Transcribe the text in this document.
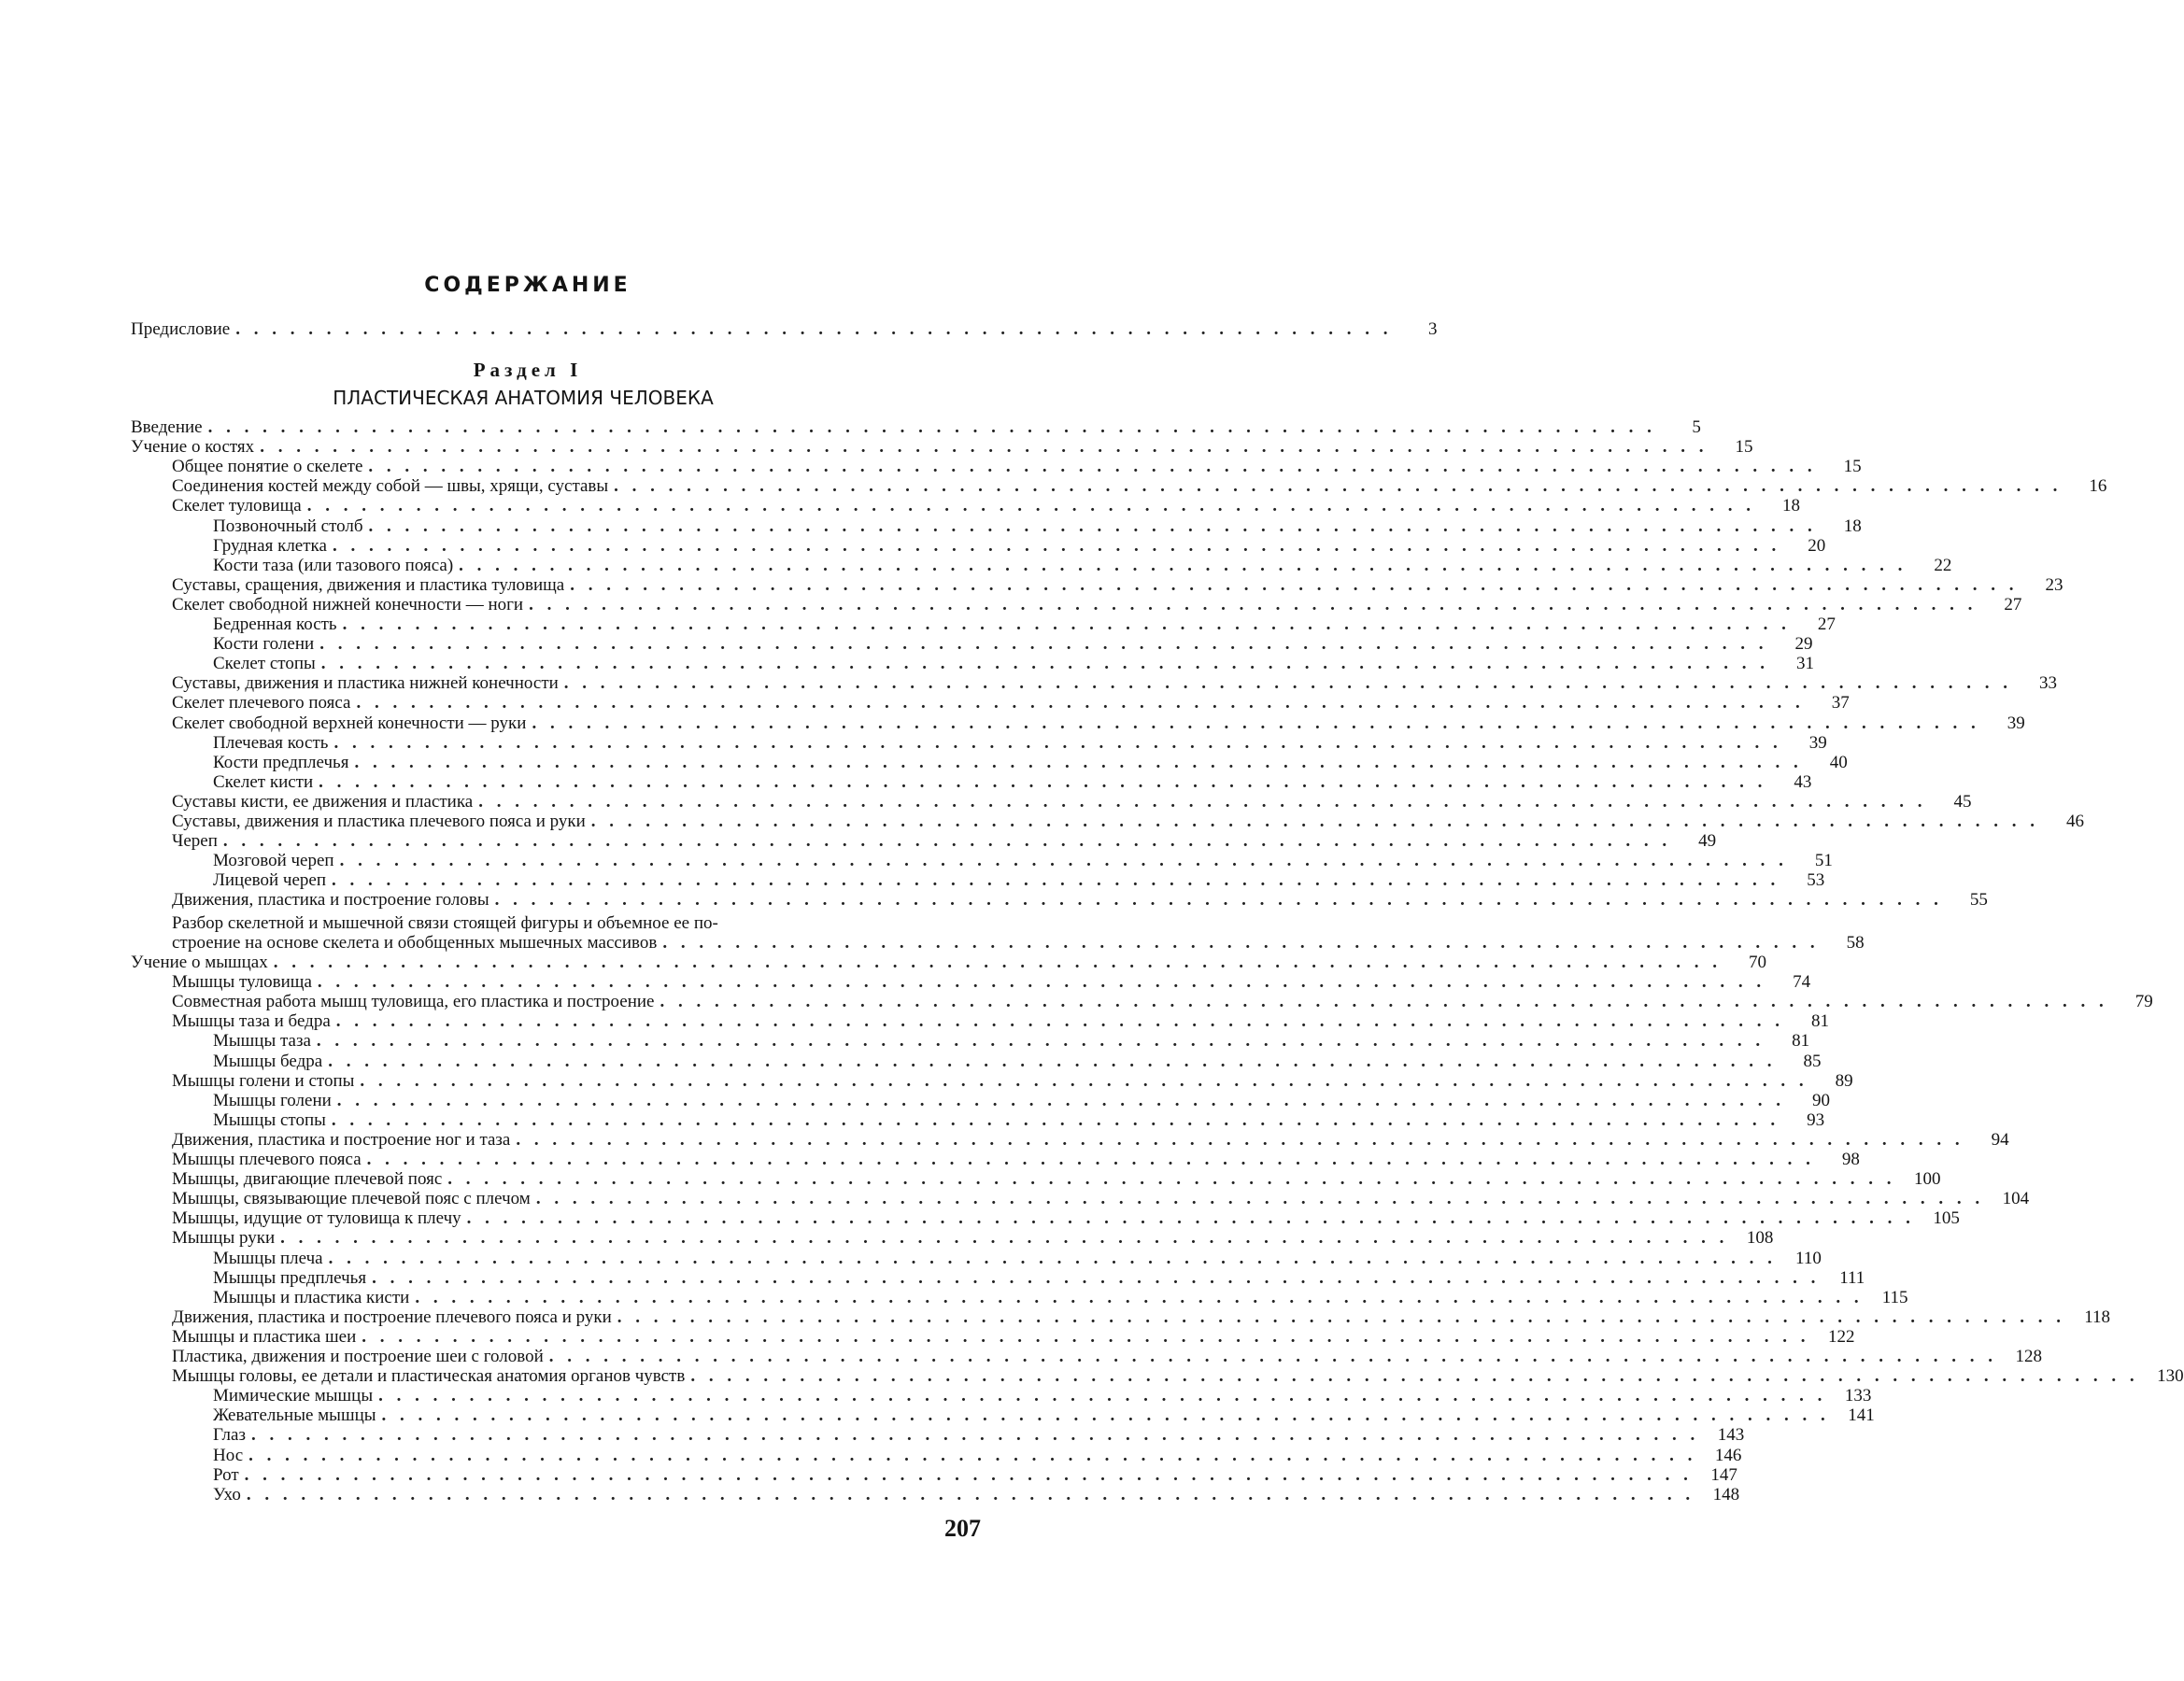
СОДЕРЖАНИЕ
Предисловие . . . . . . . . . . . . . . . . . . . . . . . . . . . . . . . . . . . . . . . . . . . . . . . . . . . . . . . . . . . . . . . .	3
Раздел I
ПЛАСТИЧЕСКАЯ АНАТОМИЯ ЧЕЛОВЕКА
Введение . . . . . . . . . . . . . . . . . . . . . . . . . . . . . . . . . . . . . . . . . . . . . . . . . . . . . . . . . . . . . . . . . . . . . . . . . . . . . . . .	5
Учение о костях . . . . . . . . . . . . . . . . . . . . . . . . . . . . . . . . . . . . . . . . . . . . . . . . . . . . . . . . . . . . . . . . . . . . . . . . . . . . . . . .	15
Общее понятие о скелете . . . . . . . . . . . . . . . . . . . . . . . . . . . . . . . . . . . . . . . . . . . . . . . . . . . . . . . . . . . . . . . . . . . . . . . . . . . . . . . .	15
Соединения костей между собой — швы, хрящи, суставы . . . . . . . . . . . . . . . . . . . . . . . . . . . . . . . . . . . . . . . . . . . . . . . . . . . . . . . . . . . . . . . . . . . . . . . . . . . . . . . .	16
Скелет туловища . . . . . . . . . . . . . . . . . . . . . . . . . . . . . . . . . . . . . . . . . . . . . . . . . . . . . . . . . . . . . . . . . . . . . . . . . . . . . . . .	18
Позвоночный столб . . . . . . . . . . . . . . . . . . . . . . . . . . . . . . . . . . . . . . . . . . . . . . . . . . . . . . . . . . . . . . . . . . . . . . . . . . . . . . . .	18
Грудная клетка . . . . . . . . . . . . . . . . . . . . . . . . . . . . . . . . . . . . . . . . . . . . . . . . . . . . . . . . . . . . . . . . . . . . . . . . . . . . . . . .	20
Кости таза (или тазового пояса) . . . . . . . . . . . . . . . . . . . . . . . . . . . . . . . . . . . . . . . . . . . . . . . . . . . . . . . . . . . . . . . . . . . . . . . . . . . . . . . .	22
Суставы, сращения, движения и пластика туловища . . . . . . . . . . . . . . . . . . . . . . . . . . . . . . . . . . . . . . . . . . . . . . . . . . . . . . . . . . . . . . . . . . . . . . . . . . . . . . . .	23
Скелет свободной нижней конечности — ноги . . . . . . . . . . . . . . . . . . . . . . . . . . . . . . . . . . . . . . . . . . . . . . . . . . . . . . . . . . . . . . . . . . . . . . . . . . . . . . . .	27
Бедренная кость . . . . . . . . . . . . . . . . . . . . . . . . . . . . . . . . . . . . . . . . . . . . . . . . . . . . . . . . . . . . . . . . . . . . . . . . . . . . . . . .	27
Кости голени . . . . . . . . . . . . . . . . . . . . . . . . . . . . . . . . . . . . . . . . . . . . . . . . . . . . . . . . . . . . . . . . . . . . . . . . . . . . . . . .	29
Скелет стопы . . . . . . . . . . . . . . . . . . . . . . . . . . . . . . . . . . . . . . . . . . . . . . . . . . . . . . . . . . . . . . . . . . . . . . . . . . . . . . . .	31
Суставы, движения и пластика нижней конечности . . . . . . . . . . . . . . . . . . . . . . . . . . . . . . . . . . . . . . . . . . . . . . . . . . . . . . . . . . . . . . . . . . . . . . . . . . . . . . . .	33
Скелет плечевого пояса . . . . . . . . . . . . . . . . . . . . . . . . . . . . . . . . . . . . . . . . . . . . . . . . . . . . . . . . . . . . . . . . . . . . . . . . . . . . . . . .	37
Скелет свободной верхней конечности — руки . . . . . . . . . . . . . . . . . . . . . . . . . . . . . . . . . . . . . . . . . . . . . . . . . . . . . . . . . . . . . . . . . . . . . . . . . . . . . . . .	39
Плечевая кость . . . . . . . . . . . . . . . . . . . . . . . . . . . . . . . . . . . . . . . . . . . . . . . . . . . . . . . . . . . . . . . . . . . . . . . . . . . . . . . .	39
Кости предплечья . . . . . . . . . . . . . . . . . . . . . . . . . . . . . . . . . . . . . . . . . . . . . . . . . . . . . . . . . . . . . . . . . . . . . . . . . . . . . . . .	40
Скелет кисти . . . . . . . . . . . . . . . . . . . . . . . . . . . . . . . . . . . . . . . . . . . . . . . . . . . . . . . . . . . . . . . . . . . . . . . . . . . . . . . .	43
Суставы кисти, ее движения и пластика . . . . . . . . . . . . . . . . . . . . . . . . . . . . . . . . . . . . . . . . . . . . . . . . . . . . . . . . . . . . . . . . . . . . . . . . . . . . . . . .	45
Суставы, движения и пластика плечевого пояса и руки . . . . . . . . . . . . . . . . . . . . . . . . . . . . . . . . . . . . . . . . . . . . . . . . . . . . . . . . . . . . . . . . . . . . . . . . . . . . . . . .	46
Череп . . . . . . . . . . . . . . . . . . . . . . . . . . . . . . . . . . . . . . . . . . . . . . . . . . . . . . . . . . . . . . . . . . . . . . . . . . . . . . . .	49
Мозговой череп . . . . . . . . . . . . . . . . . . . . . . . . . . . . . . . . . . . . . . . . . . . . . . . . . . . . . . . . . . . . . . . . . . . . . . . . . . . . . . . .	51
Лицевой череп . . . . . . . . . . . . . . . . . . . . . . . . . . . . . . . . . . . . . . . . . . . . . . . . . . . . . . . . . . . . . . . . . . . . . . . . . . . . . . . .	53
Движения, пластика и построение головы . . . . . . . . . . . . . . . . . . . . . . . . . . . . . . . . . . . . . . . . . . . . . . . . . . . . . . . . . . . . . . . . . . . . . . . . . . . . . . . .	55
Разбор скелетной и мышечной связи стоящей фигуры и объемное ее по-
строение на основе скелета и обобщенных мышечных массивов . . . . . . . . . . . . . . . . . . . . . . . . . . . . . . . . . . . . . . . . . . . . . . . . . . . . . . . . . . . . . . . .	58
Учение о мышцах . . . . . . . . . . . . . . . . . . . . . . . . . . . . . . . . . . . . . . . . . . . . . . . . . . . . . . . . . . . . . . . . . . . . . . . . . . . . . . . .	70
Мышцы туловища . . . . . . . . . . . . . . . . . . . . . . . . . . . . . . . . . . . . . . . . . . . . . . . . . . . . . . . . . . . . . . . . . . . . . . . . . . . . . . . .	74
Совместная работа мышц туловища, его пластика и построение . . . . . . . . . . . . . . . . . . . . . . . . . . . . . . . . . . . . . . . . . . . . . . . . . . . . . . . . . . . . . . . . . . . . . . . . . . . . . . . .	79
Мышцы таза и бедра . . . . . . . . . . . . . . . . . . . . . . . . . . . . . . . . . . . . . . . . . . . . . . . . . . . . . . . . . . . . . . . . . . . . . . . . . . . . . . . .	81
Мышцы таза . . . . . . . . . . . . . . . . . . . . . . . . . . . . . . . . . . . . . . . . . . . . . . . . . . . . . . . . . . . . . . . . . . . . . . . . . . . . . . . .	81
Мышцы бедра . . . . . . . . . . . . . . . . . . . . . . . . . . . . . . . . . . . . . . . . . . . . . . . . . . . . . . . . . . . . . . . . . . . . . . . . . . . . . . . .	85
Мышцы голени и стопы . . . . . . . . . . . . . . . . . . . . . . . . . . . . . . . . . . . . . . . . . . . . . . . . . . . . . . . . . . . . . . . . . . . . . . . . . . . . . . . .	89
Мышцы голени . . . . . . . . . . . . . . . . . . . . . . . . . . . . . . . . . . . . . . . . . . . . . . . . . . . . . . . . . . . . . . . . . . . . . . . . . . . . . . . .	90
Мышцы стопы . . . . . . . . . . . . . . . . . . . . . . . . . . . . . . . . . . . . . . . . . . . . . . . . . . . . . . . . . . . . . . . . . . . . . . . . . . . . . . . .	93
Движения, пластика и построение ног и таза . . . . . . . . . . . . . . . . . . . . . . . . . . . . . . . . . . . . . . . . . . . . . . . . . . . . . . . . . . . . . . . . . . . . . . . . . . . . . . . .	94
Мышцы плечевого пояса . . . . . . . . . . . . . . . . . . . . . . . . . . . . . . . . . . . . . . . . . . . . . . . . . . . . . . . . . . . . . . . . . . . . . . . . . . . . . . . .	98
Мышцы, двигающие плечевой пояс . . . . . . . . . . . . . . . . . . . . . . . . . . . . . . . . . . . . . . . . . . . . . . . . . . . . . . . . . . . . . . . . . . . . . . . . . . . . . . . .	100
Мышцы, связывающие плечевой пояс с плечом . . . . . . . . . . . . . . . . . . . . . . . . . . . . . . . . . . . . . . . . . . . . . . . . . . . . . . . . . . . . . . . . . . . . . . . . . . . . . . . .	104
Мышцы, идущие от туловища к плечу . . . . . . . . . . . . . . . . . . . . . . . . . . . . . . . . . . . . . . . . . . . . . . . . . . . . . . . . . . . . . . . . . . . . . . . . . . . . . . . .	105
Мышцы руки . . . . . . . . . . . . . . . . . . . . . . . . . . . . . . . . . . . . . . . . . . . . . . . . . . . . . . . . . . . . . . . . . . . . . . . . . . . . . . . .	108
Мышцы плеча . . . . . . . . . . . . . . . . . . . . . . . . . . . . . . . . . . . . . . . . . . . . . . . . . . . . . . . . . . . . . . . . . . . . . . . . . . . . . . . .	110
Мышцы предплечья . . . . . . . . . . . . . . . . . . . . . . . . . . . . . . . . . . . . . . . . . . . . . . . . . . . . . . . . . . . . . . . . . . . . . . . . . . . . . . . .	111
Мышцы и пластика кисти . . . . . . . . . . . . . . . . . . . . . . . . . . . . . . . . . . . . . . . . . . . . . . . . . . . . . . . . . . . . . . . . . . . . . . . . . . . . . . . .	115
Движения, пластика и построение плечевого пояса и руки . . . . . . . . . . . . . . . . . . . . . . . . . . . . . . . . . . . . . . . . . . . . . . . . . . . . . . . . . . . . . . . . . . . . . . . . . . . . . . . .	118
Мышцы и пластика шеи . . . . . . . . . . . . . . . . . . . . . . . . . . . . . . . . . . . . . . . . . . . . . . . . . . . . . . . . . . . . . . . . . . . . . . . . . . . . . . . .	122
Пластика, движения и построение шеи с головой . . . . . . . . . . . . . . . . . . . . . . . . . . . . . . . . . . . . . . . . . . . . . . . . . . . . . . . . . . . . . . . . . . . . . . . . . . . . . . . .	128
Мышцы головы, ее детали и пластическая анатомия органов чувств . . . . . . . . . . . . . . . . . . . . . . . . . . . . . . . . . . . . . . . . . . . . . . . . . . . . . . . . . . . . . . . . . . . . . . . . . . . . . . . .	130
Мимические мышцы . . . . . . . . . . . . . . . . . . . . . . . . . . . . . . . . . . . . . . . . . . . . . . . . . . . . . . . . . . . . . . . . . . . . . . . . . . . . . . . .	133
Жевательные мышцы . . . . . . . . . . . . . . . . . . . . . . . . . . . . . . . . . . . . . . . . . . . . . . . . . . . . . . . . . . . . . . . . . . . . . . . . . . . . . . . .	141
Глаз . . . . . . . . . . . . . . . . . . . . . . . . . . . . . . . . . . . . . . . . . . . . . . . . . . . . . . . . . . . . . . . . . . . . . . . . . . . . . . . .	143
Нос . . . . . . . . . . . . . . . . . . . . . . . . . . . . . . . . . . . . . . . . . . . . . . . . . . . . . . . . . . . . . . . . . . . . . . . . . . . . . . . .	146
Рот . . . . . . . . . . . . . . . . . . . . . . . . . . . . . . . . . . . . . . . . . . . . . . . . . . . . . . . . . . . . . . . . . . . . . . . . . . . . . . . .	147
Ухо . . . . . . . . . . . . . . . . . . . . . . . . . . . . . . . . . . . . . . . . . . . . . . . . . . . . . . . . . . . . . . . . . . . . . . . . . . . . . . . .	148
207
